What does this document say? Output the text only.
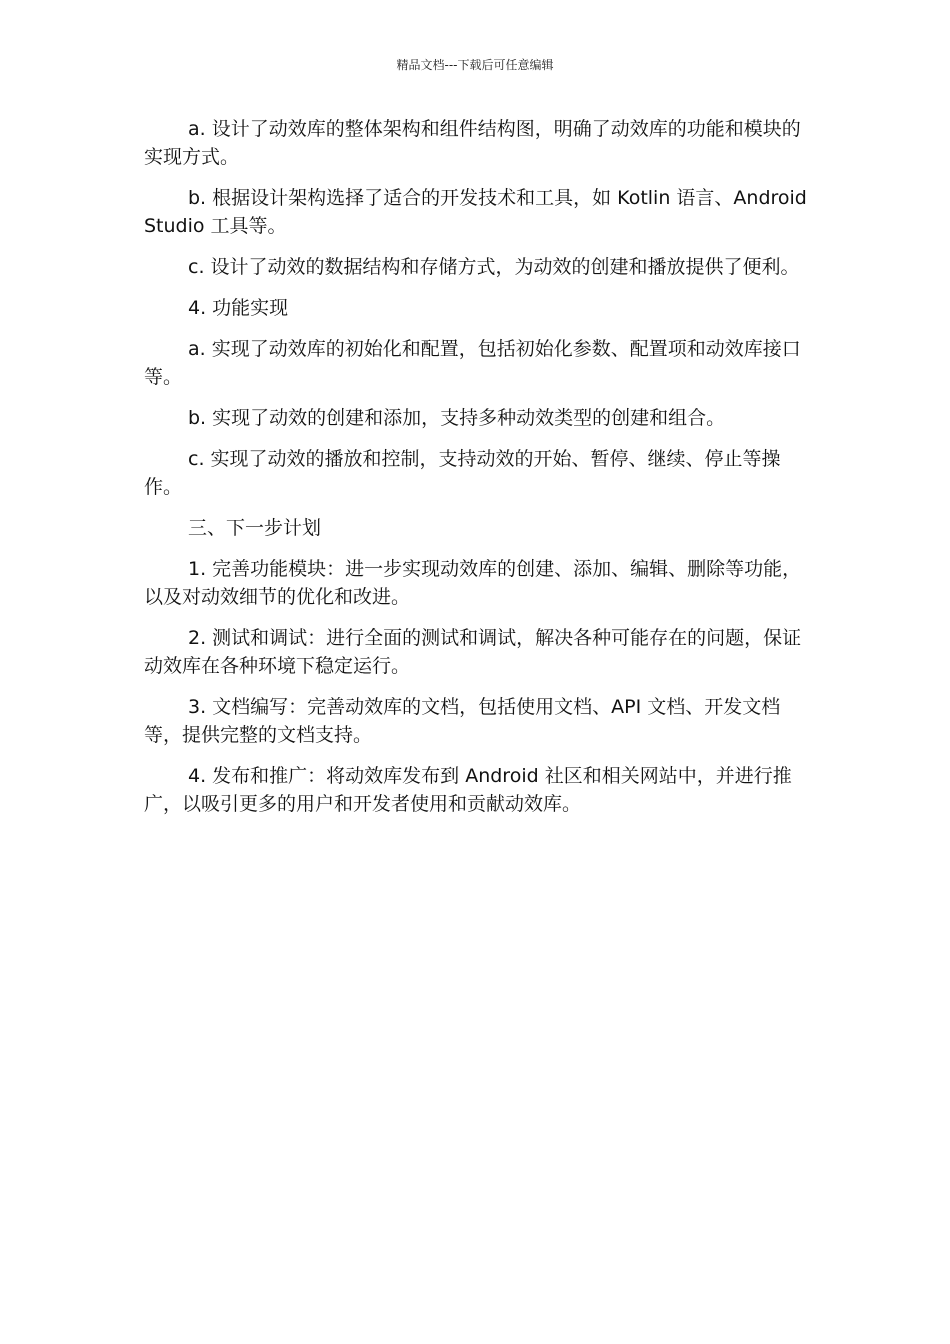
精品文档---下载后可任意编辑

a. 设计了动效库的整体架构和组件结构图，明确了动效库的功能和模块的实现方式。

b. 根据设计架构选择了适合的开发技术和工具，如 Kotlin 语言、Android Studio 工具等。

c. 设计了动效的数据结构和存储方式，为动效的创建和播放提供了便利。

4. 功能实现

a. 实现了动效库的初始化和配置，包括初始化参数、配置项和动效库接口等。

b. 实现了动效的创建和添加，支持多种动效类型的创建和组合。

c. 实现了动效的播放和控制，支持动效的开始、暂停、继续、停止等操作。

三、下一步计划

1. 完善功能模块：进一步实现动效库的创建、添加、编辑、删除等功能，以及对动效细节的优化和改进。

2. 测试和调试：进行全面的测试和调试，解决各种可能存在的问题，保证动效库在各种环境下稳定运行。

3. 文档编写：完善动效库的文档，包括使用文档、API 文档、开发文档等，提供完整的文档支持。

4. 发布和推广：将动效库发布到 Android 社区和相关网站中，并进行推广，以吸引更多的用户和开发者使用和贡献动效库。
